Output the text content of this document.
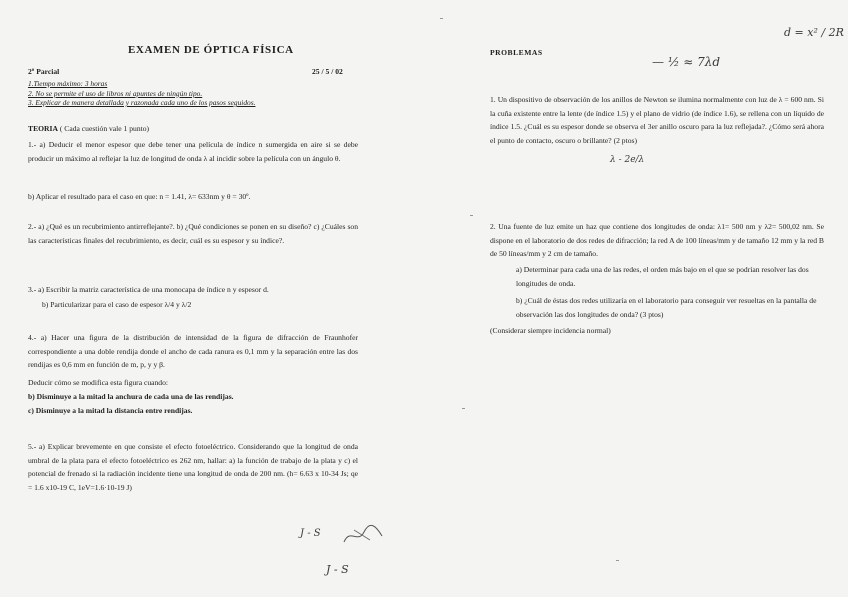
EXAMEN DE ÓPTICA FÍSICA
2º Parcial	25 / 5 / 02
1.Tiempo máximo: 3 horas
2. No se permite el uso de libros ni apuntes de ningún tipo.
3. Explicar de manera detallada y razonada cada uno de los pasos seguidos.
TEORIA ( Cada cuestión vale 1 punto)
1.- a) Deducir el menor espesor que debe tener una película de índice n sumergida en aire si se debe producir un máximo al reflejar la luz de longitud de onda λ al incidir sobre la película con un ángulo θ.
b) Aplicar el resultado para el caso en que: n = 1.41, λ= 633nm y θ = 30º.
2.- a) ¿Qué es un recubrimiento antirreflejante?. b) ¿Qué condiciones se ponen en su diseño? c) ¿Cuáles son las características finales del recubrimiento, es decir, cuál es su espesor y su índice?.
3.- a) Escribir la matriz característica de una monocapa de índice n y espesor d.
b) Particularizar para el caso de espesor λ/4 y λ/2
4.- a) Hacer una figura de la distribución de intensidad de la figura de difracción de Fraunhofer correspondiente a una doble rendija donde el ancho de cada ranura es 0,1 mm y la separación entre las dos rendijas es 0,6 mm en función de m, p, y y β.
Deducir cómo se modifica esta figura cuando:
b) Disminuye a la mitad la anchura de cada una de las rendijas.
c) Disminuye a la mitad la distancia entre rendijas.
5.- a) Explicar brevemente en que consiste el efecto fotoeléctrico. Considerando que la longitud de onda umbral de la plata para el efecto fotoeléctrico es 262 nm, hallar: a) la función de trabajo de la plata y c) el potencial de frenado si la radiación incidente tiene una longitud de onda de 200 nm. (h= 6.63 x 10-34 Js; qe = 1.6 x10-19 C, 1eV=1.6·10-19 J)
J - S
J - S
PROBLEMAS
d = x² / 2R
— ½ ≈ 7λd
1. Un dispositivo de observación de los anillos de Newton se ilumina normalmente con luz de λ = 600 nm. Si la cuña existente entre la lente (de índice 1.5) y el plano de vidrio (de índice 1.6), se rellena con un líquido de índice 1.5. ¿Cuál es su espesor donde se observa el 3er anillo oscuro para la luz reflejada?. ¿Cómo será ahora el punto de contacto, oscuro o brillante? (2 ptos)
λ - 2e/λ
2. Una fuente de luz emite un haz que contiene dos longitudes de onda: λ1= 500 nm y λ2= 500,02 nm. Se dispone en el laboratorio de dos redes de difracción; la red A de 100 líneas/mm y de tamaño 12 mm y la red B de 50 líneas/mm y 2 cm de tamaño.
a) Determinar para cada una de las redes, el orden más bajo en el que se podrían resolver las dos longitudes de onda.
b) ¿Cuál de éstas dos redes utilizaría en el laboratorio para conseguir ver resueltas en la pantalla de observación las dos longitudes de onda? (3 ptos)
(Considerar siempre incidencia normal)
